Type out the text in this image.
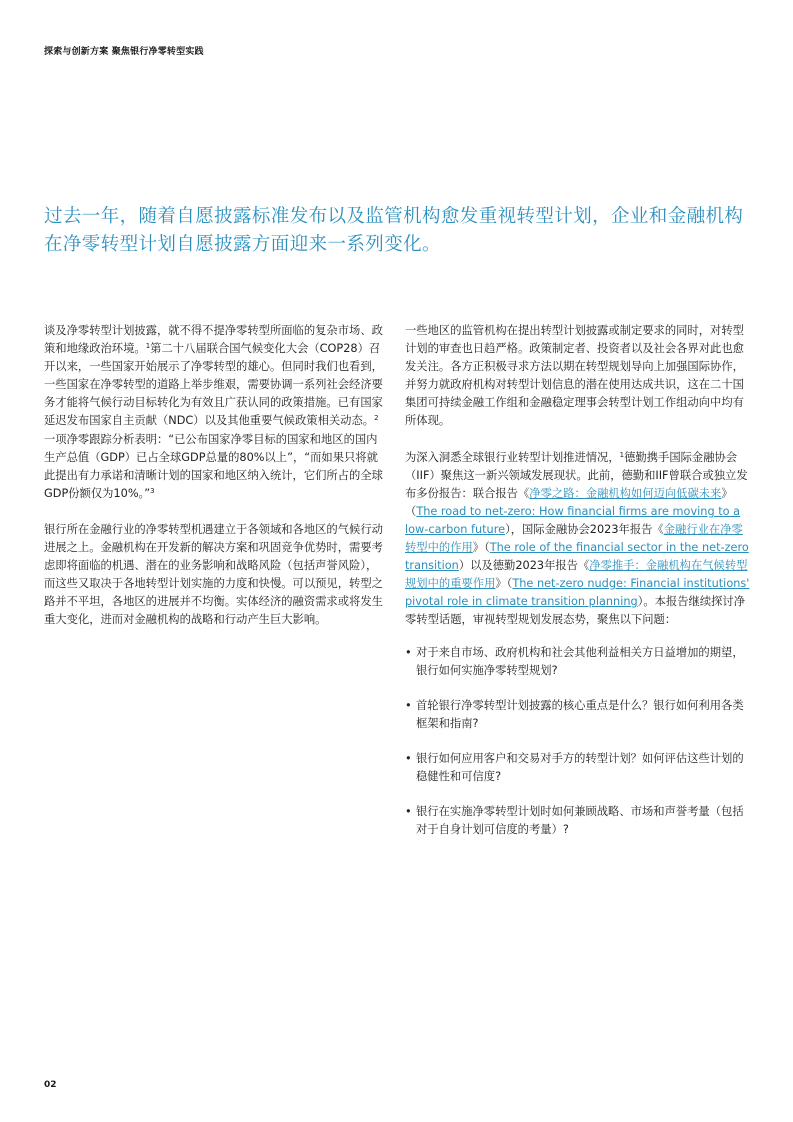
探索与创新方案 聚焦银行净零转型实践
过去一年，随着自愿披露标准发布以及监管机构愈发重视转型计划，企业和金融机构在净零转型计划自愿披露方面迎来一系列变化。

谈及净零转型计划披露，就不得不提净零转型所面临的复杂市场、政策和地缘政治环境。$^1$第二十八届联合国气候变化大会（COP28）召开以来，一些国家开始展示了净零转型的雄心。但同时我们也看到，一些国家在净零转型的道路上举步维艰，需要协调一系列社会经济要务才能将气候行动目标转化为有效且广获认同的政策措施。已有国家延迟发布国家自主贡献（NDC）以及其他重要气候政策相关动态。$^2$一项净零跟踪分析表明：“已公布国家净零目标的国家和地区的国内生产总值（GDP）已占全球GDP总量的80%以上”，“而如果只将就此提出有力承诺和清晰计划的国家和地区纳入统计，它们所占的全球GDP份额仅为10%。”$^3$

银行所在金融行业的净零转型机遇建立于各领域和各地区的气候行动进展之上。金融机构在开发新的解决方案和巩固竞争优势时，需要考虑即将面临的机遇、潜在的业务影响和战略风险（包括声誉风险），而这些又取决于各地转型计划实施的力度和快慢。可以预见，转型之路并不平坦，各地区的进展并不均衡。实体经济的融资需求或将发生重大变化，进而对金融机构的战略和行动产生巨大影响。

一些地区的监管机构在提出转型计划披露或制定要求的同时，对转型计划的审查也日趋严格。政策制定者、投资者以及社会各界对此也愈发关注。各方正积极寻求方法以期在转型规划导向上加强国际协作，并努力就政府机构对转型计划信息的潜在使用达成共识，这在二十国集团可持续金融工作组和金融稳定理事会转型计划工作组动向中均有所体现。

为深入洞悉全球银行业转型计划推进情况，$^1$德勤携手国际金融协会（IIF）聚焦这一新兴领域发展现状。此前，德勤和IIF曾联合或独立发布多份报告：联合报告《净零之路：金融机构如何迈向低碳未来》（The road to net-zero: How financial firms are moving to a low-carbon future），国际金融协会2023年报告《金融行业在净零转型中的作用》（The role of the financial sector in the net-zero transition）以及德勤2023年报告《净零推手：金融机构在气候转型规划中的重要作用》（The net-zero nudge: Financial institutions' pivotal role in climate transition planning）。本报告继续探讨净零转型话题，审视转型规划发展态势，聚焦以下问题：

• 对于来自市场、政府机构和社会其他利益相关方日益增加的期望，银行如何实施净零转型规划?
• 首轮银行净零转型计划披露的核心重点是什么？银行如何利用各类框架和指南?
• 银行如何应用客户和交易对手方的转型计划？如何评估这些计划的稳健性和可信度?
• 银行在实施净零转型计划时如何兼顾战略、市场和声誉考量（包括对于自身计划可信度的考量）?
02
